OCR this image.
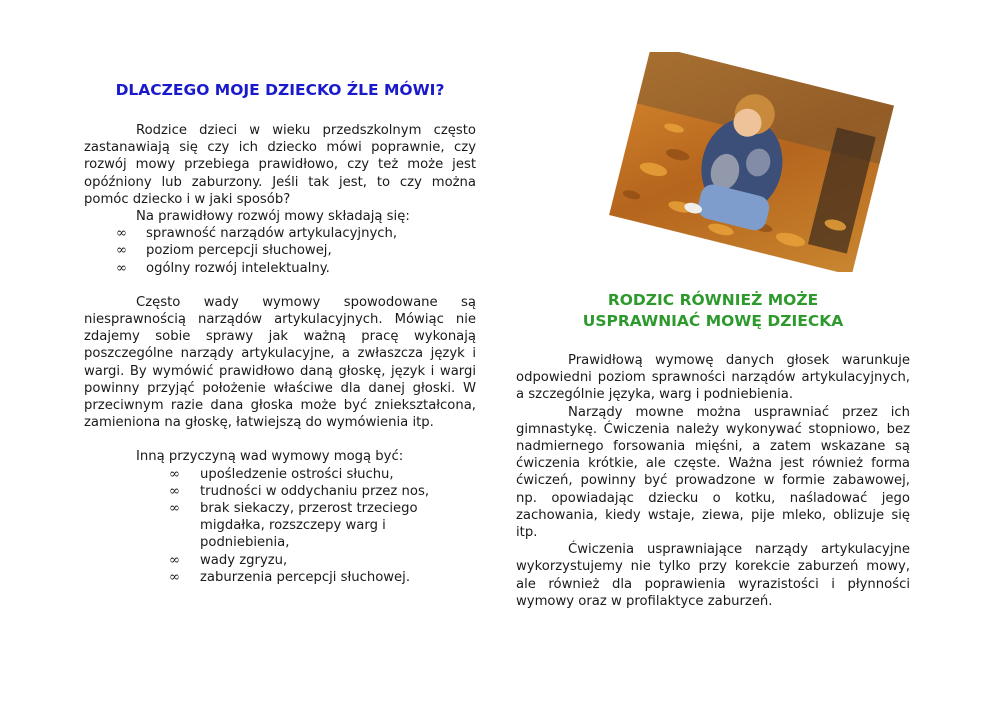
DLACZEGO MOJE DZIECKO ŹLE MÓWI?

Rodzice dzieci w wieku przedszkolnym często zastanawiają się czy ich dziecko mówi poprawnie, czy rozwój mowy przebiega prawidłowo, czy też może jest opóźniony lub zaburzony. Jeśli tak jest, to czy można pomóc dziecko i w jaki sposób?

Na prawidłowy rozwój mowy składają się:

∞ sprawność narządów artykulacyjnych,
∞ poziom percepcji słuchowej,
∞ ogólny rozwój intelektualny.

Często wady wymowy spowodowane są niesprawnością narządów artykulacyjnych. Mówiąc nie zdajemy sobie sprawy jak ważną pracę wykonają poszczególne narządy artykulacyjne, a zwłaszcza język i wargi. By wymówić prawidłowo daną głoskę, język i wargi powinny przyjąć położenie właściwe dla danej głoski. W przeciwnym razie dana głoska może być zniekształcona, zamieniona na głoskę, łatwiejszą do wymówienia itp.

Inną przyczyną wad wymowy mogą być:

∞ upośledzenie ostrości słuchu,
∞ trudności w oddychaniu przez nos,
∞ brak siekaczy, przerost trzeciego migdałka, rozszczepy warg i podniebienia,
∞ wady zgryzu,
∞ zaburzenia percepcji słuchowej.
RODZIC RÓWNIEŻ MOŻE
USPRAWNIAĆ MOWĘ DZIECKA

Prawidłową wymowę danych głosek warunkuje odpowiedni poziom sprawności narządów artykulacyjnych, a szczególnie języka, warg i podniebienia.

Narządy mowne można usprawniać przez ich gimnastykę. Ćwiczenia należy wykonywać stopniowo, bez nadmiernego forsowania mięśni, a zatem wskazane są ćwiczenia krótkie, ale częste. Ważna jest również forma ćwiczeń, powinny być prowadzone w formie zabawowej, np. opowiadając dziecku o kotku, naśladować jego zachowania, kiedy wstaje, ziewa, pije mleko, oblizuje się itp.

Ćwiczenia usprawniające narządy artykulacyjne wykorzystujemy nie tylko przy korekcie zaburzeń mowy, ale również dla poprawienia wyrazistości i płynności wymowy oraz w profilaktyce zaburzeń.
